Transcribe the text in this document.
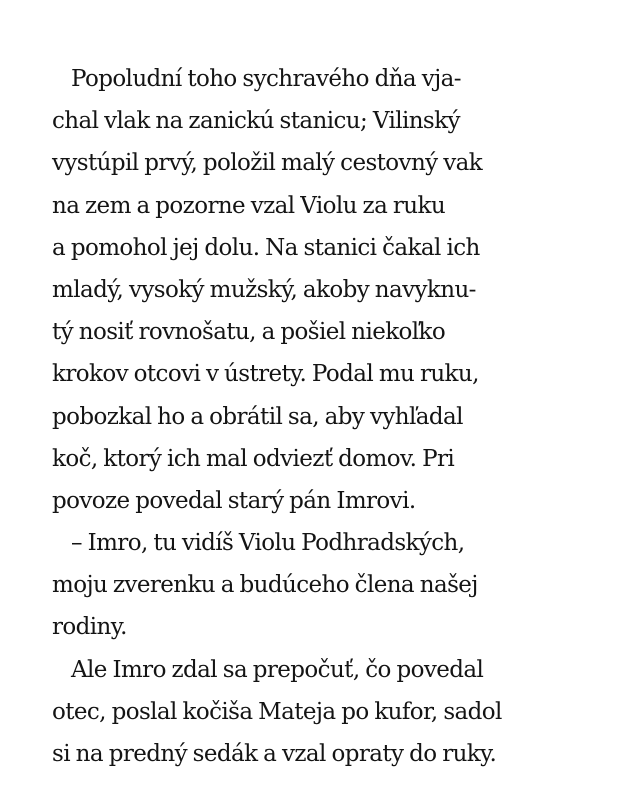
Popoludní toho sychravého dňa vja-
chal vlak na zanickú stanicu; Vilinský
vystúpil prvý, položil malý cestovný vak
na zem a pozorne vzal Violu za ruku
a pomohol jej dolu. Na stanici čakal ich
mladý, vysoký mužský, akoby navyknu-
tý nosiť rovnošatu, a pošiel niekoľko
krokov otcovi v ústrety. Podal mu ruku,
pobozkal ho a obrátil sa, aby vyhľadal
koč, ktorý ich mal odviezť domov. Pri
povoze povedal starý pán Imrovi.
– Imro, tu vidíš Violu Podhradských,
moju zverenku a budúceho člena našej
rodiny.
Ale Imro zdal sa prepočuť, čo povedal
otec, poslal kočiša Mateja po kufor, sadol
si na predný sedák a vzal opraty do ruky.
